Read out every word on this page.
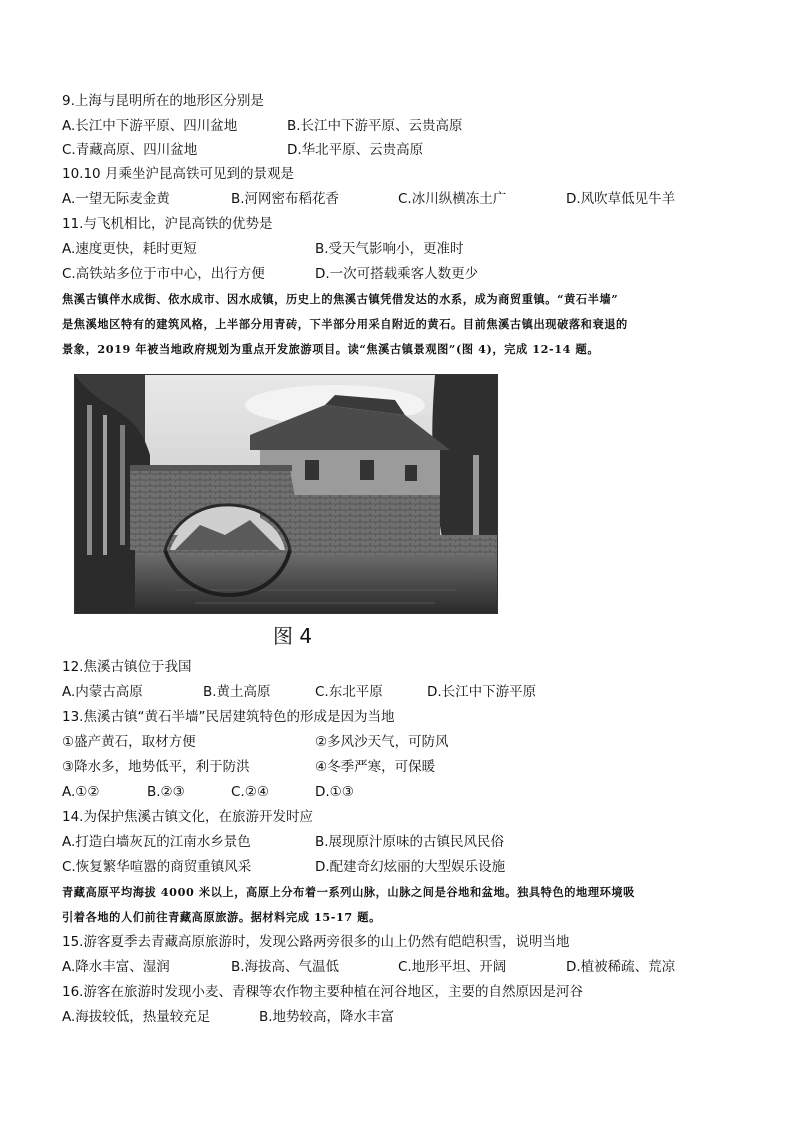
9.上海与昆明所在的地形区分别是
A.长江中下游平原、四川盆地	B.长江中下游平原、云贵高原
C.青藏高原、四川盆地	D.华北平原、云贵高原
10.10 月乘坐沪昆高铁可见到的景观是
A.一望无际麦金黄	B.河网密布稻花香	C.冰川纵横冻土广	D.风吹草低见牛羊
11.与飞机相比，沪昆高铁的优势是
A.速度更快，耗时更短	B.受天气影响小，更准时
C.高铁站多位于市中心，出行方便	D.一次可搭载乘客人数更少
焦溪古镇伴水成街、依水成市、因水成镇，历史上的焦溪古镇凭借发达的水系，成为商贸重镇。“黄石半墙”
是焦溪地区特有的建筑风格，上半部分用青砖，下半部分用采自附近的黄石。目前焦溪古镇出现破落和衰退的
景象，2019 年被当地政府规划为重点开发旅游项目。读“焦溪古镇景观图”(图 4)，完成 12-14 题。
图 4
12.焦溪古镇位于我国
A.内蒙古高原	B.黄土高原	C.东北平原	D.长江中下游平原
13.焦溪古镇“黄石半墙”民居建筑特色的形成是因为当地
①盛产黄石，取材方便	②多风沙天气，可防风
③降水多，地势低平，利于防洪	④冬季严寒，可保暖
A.①②	B.②③	C.②④	D.①③
14.为保护焦溪古镇文化，在旅游开发时应
A.打造白墙灰瓦的江南水乡景色	B.展现原汁原味的古镇民风民俗
C.恢复繁华喧嚣的商贸重镇风采	D.配建奇幻炫丽的大型娱乐设施
青藏高原平均海拔 4000 米以上，高原上分布着一系列山脉，山脉之间是谷地和盆地。独具特色的地理环境吸
引着各地的人们前往青藏高原旅游。据材料完成 15-17 题。
15.游客夏季去青藏高原旅游时，发现公路两旁很多的山上仍然有皑皑积雪，说明当地
A.降水丰富、湿润	B.海拔高、气温低	C.地形平坦、开阔	D.植被稀疏、荒凉
16.游客在旅游时发现小麦、青稞等农作物主要种植在河谷地区，主要的自然原因是河谷
A.海拔较低，热量较充足	B.地势较高，降水丰富
